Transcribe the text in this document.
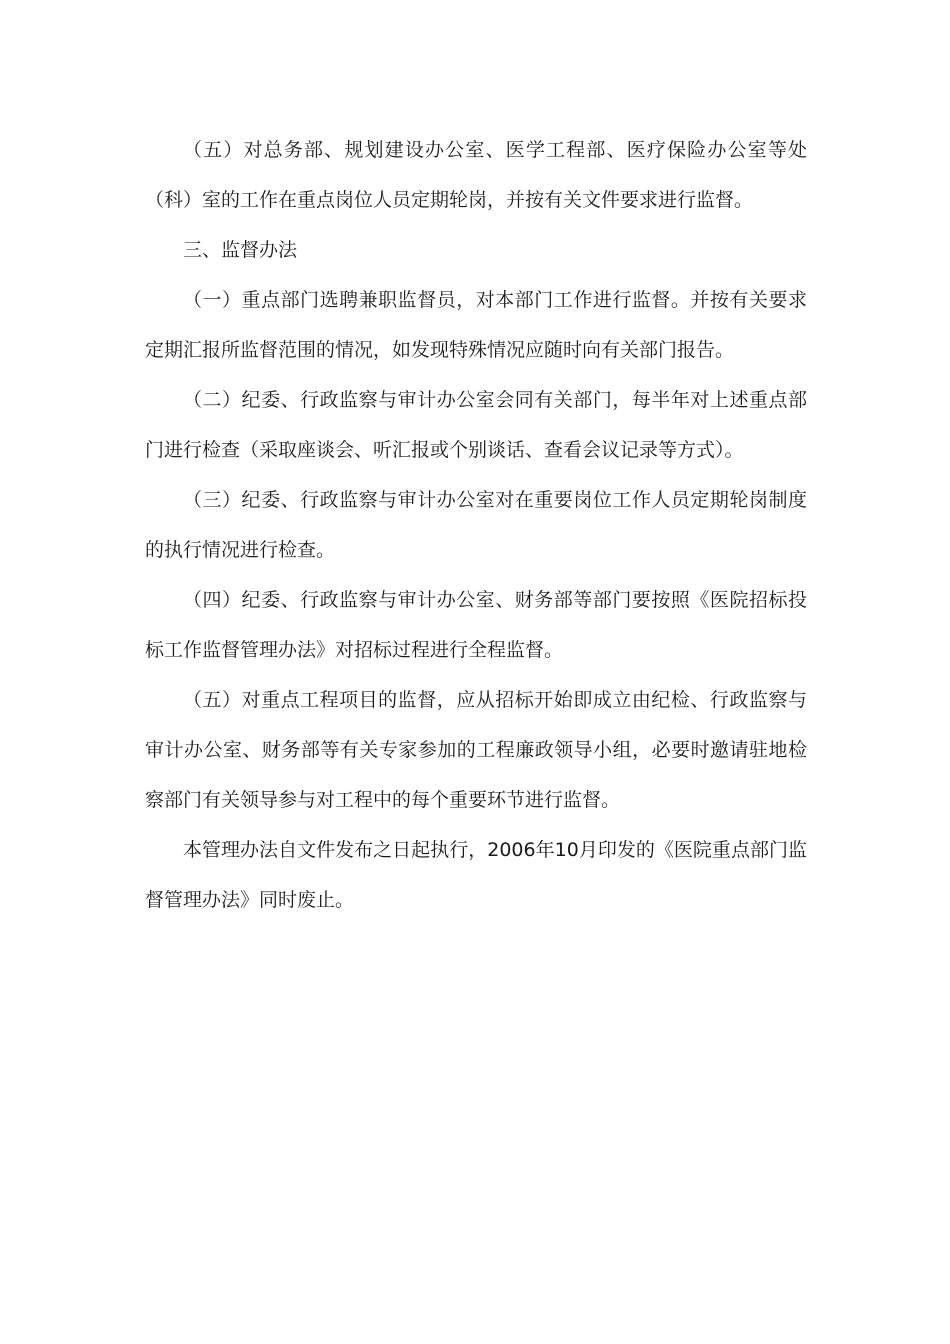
（五）对总务部、规划建设办公室、医学工程部、医疗保险办公室等处（科）室的工作在重点岗位人员定期轮岗，并按有关文件要求进行监督。

三、监督办法

（一）重点部门选聘兼职监督员，对本部门工作进行监督。并按有关要求定期汇报所监督范围的情况，如发现特殊情况应随时向有关部门报告。

（二）纪委、行政监察与审计办公室会同有关部门，每半年对上述重点部门进行检查（采取座谈会、听汇报或个别谈话、查看会议记录等方式）。

（三）纪委、行政监察与审计办公室对在重要岗位工作人员定期轮岗制度的执行情况进行检查。

（四）纪委、行政监察与审计办公室、财务部等部门要按照《医院招标投标工作监督管理办法》对招标过程进行全程监督。

（五）对重点工程项目的监督，应从招标开始即成立由纪检、行政监察与审计办公室、财务部等有关专家参加的工程廉政领导小组，必要时邀请驻地检察部门有关领导参与对工程中的每个重要环节进行监督。

本管理办法自文件发布之日起执行，2006年10月印发的《医院重点部门监督管理办法》同时废止。
